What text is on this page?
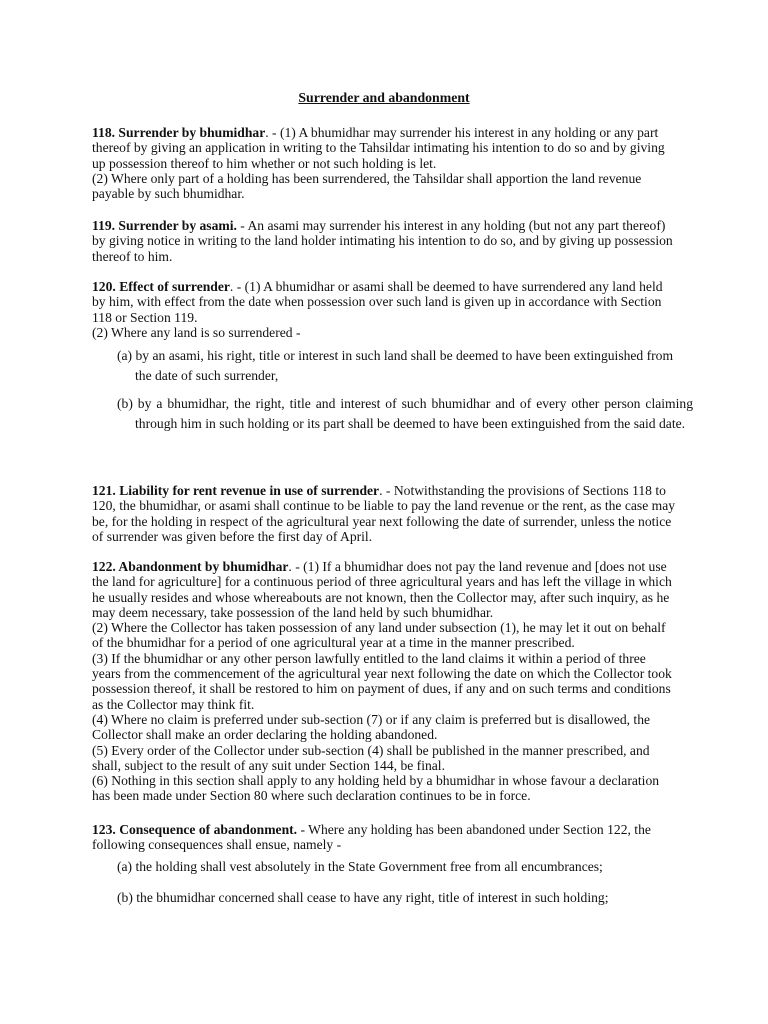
Surrender and abandonment
118. Surrender by bhumidhar. - (1) A bhumidhar may surrender his interest in any holding or any part thereof by giving an application in writing to the Tahsildar intimating his intention to do so and by giving up possession thereof to him whether or not such holding is let.
(2) Where only part of a holding has been surrendered, the Tahsildar shall apportion the land revenue payable by such bhumidhar.
119. Surrender by asami. - An asami may surrender his interest in any holding (but not any part thereof) by giving notice in writing to the land holder intimating his intention to do so, and by giving up possession thereof to him.
120. Effect of surrender. - (1) A bhumidhar or asami shall be deemed to have surrendered any land held by him, with effect from the date when possession over such land is given up in accordance with Section 118 or Section 119.
(2) Where any land is so surrendered -
(a) by an asami, his right, title or interest in such land shall be deemed to have been extinguished from the date of such surrender,
(b) by a bhumidhar, the right, title and interest of such bhumidhar and of every other person claiming through him in such holding or its part shall be deemed to have been extinguished from the said date.
121. Liability for rent revenue in use of surrender. - Notwithstanding the provisions of Sections 118 to 120, the bhumidhar, or asami shall continue to be liable to pay the land revenue or the rent, as the case may be, for the holding in respect of the agricultural year next following the date of surrender, unless the notice of surrender was given before the first day of April.
122. Abandonment by bhumidhar. - (1) If a bhumidhar does not pay the land revenue and [does not use the land for agriculture] for a continuous period of three agricultural years and has left the village in which he usually resides and whose whereabouts are not known, then the Collector may, after such inquiry, as he may deem necessary, take possession of the land held by such bhumidhar.
(2) Where the Collector has taken possession of any land under subsection (1), he may let it out on behalf of the bhumidhar for a period of one agricultural year at a time in the manner prescribed.
(3) If the bhumidhar or any other person lawfully entitled to the land claims it within a period of three years from the commencement of the agricultural year next following the date on which the Collector took possession thereof, it shall be restored to him on payment of dues, if any and on such terms and conditions as the Collector may think fit.
(4) Where no claim is preferred under sub-section (7) or if any claim is preferred but is disallowed, the Collector shall make an order declaring the holding abandoned.
(5) Every order of the Collector under sub-section (4) shall be published in the manner prescribed, and shall, subject to the result of any suit under Section 144, be final.
(6) Nothing in this section shall apply to any holding held by a bhumidhar in whose favour a declaration has been made under Section 80 where such declaration continues to be in force.
123. Consequence of abandonment. - Where any holding has been abandoned under Section 122, the following consequences shall ensue, namely -
(a) the holding shall vest absolutely in the State Government free from all encumbrances;
(b) the bhumidhar concerned shall cease to have any right, title of interest in such holding;
